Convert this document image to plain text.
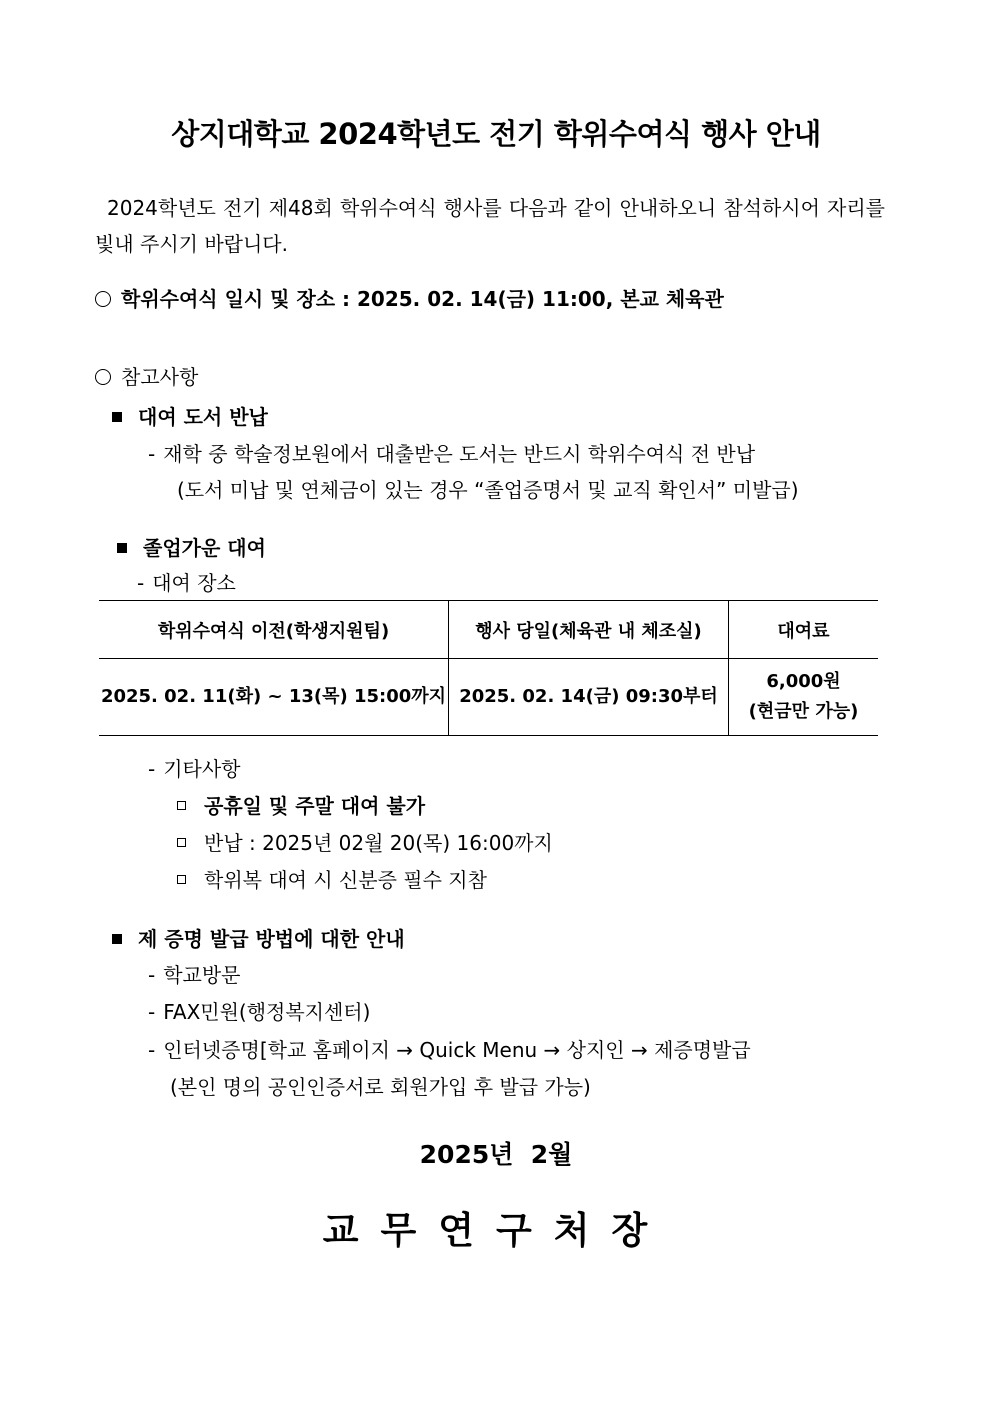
상지대학교 2024학년도 전기 학위수여식 행사 안내
2024학년도 전기 제48회 학위수여식 행사를 다음과 같이 안내하오니 참석하시어 자리를 빛내 주시기 바랍니다.
학위수여식 일시 및 장소 : 2025. 02. 14(금) 11:00, 본교 체육관
참고사항
대여 도서 반납
- 재학 중 학술정보원에서 대출받은 도서는 반드시 학위수여식 전 반납
(도서 미납 및 연체금이 있는 경우 “졸업증명서 및 교직 확인서” 미발급)
졸업가운 대여
- 대여 장소
학위수여식 이전(학생지원팀)	행사 당일(체육관 내 체조실)	대여료
2025. 02. 11(화) ~ 13(목) 15:00까지	2025. 02. 14(금) 09:30부터	6,000원
(현금만 가능)
- 기타사항
공휴일 및 주말 대여 불가
반납 : 2025년 02월 20(목) 16:00까지
학위복 대여 시 신분증 필수 지참
제 증명 발급 방법에 대한 안내
- 학교방문
- FAX민원(행정복지센터)
- 인터넷증명[학교 홈페이지 → Quick Menu → 상지인 → 제증명발급
(본인 명의 공인인증서로 회원가입 후 발급 가능)
2025년  2월
교무연구처장
